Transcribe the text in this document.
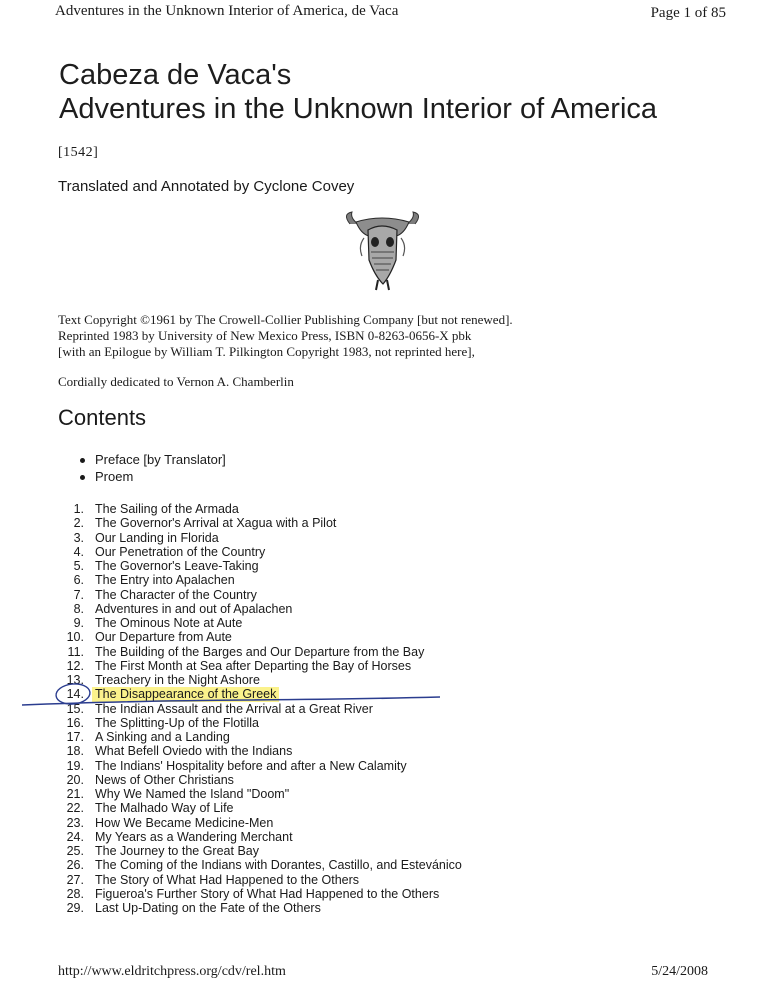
Adventures in the Unknown Interior of America, de Vaca	Page 1 of 85
Cabeza de Vaca's
Adventures in the Unknown Interior of America
[1542]
Translated and Annotated by Cyclone Covey
Text Copyright ©1961 by The Crowell-Collier Publishing Company [but not renewed].
Reprinted 1983 by University of New Mexico Press, ISBN 0-8263-0656-X pbk
[with an Epilogue by William T. Pilkington Copyright 1983, not reprinted here],
Cordially dedicated to Vernon A. Chamberlin
Contents
Preface [by Translator]
Proem
1. The Sailing of the Armada
2. The Governor's Arrival at Xagua with a Pilot
3. Our Landing in Florida
4. Our Penetration of the Country
5. The Governor's Leave-Taking
6. The Entry into Apalachen
7. The Character of the Country
8. Adventures in and out of Apalachen
9. The Ominous Note at Aute
10. Our Departure from Aute
11. The Building of the Barges and Our Departure from the Bay
12. The First Month at Sea after Departing the Bay of Horses
13. Treachery in the Night Ashore
14. The Disappearance of the Greek
15. The Indian Assault and the Arrival at a Great River
16. The Splitting-Up of the Flotilla
17. A Sinking and a Landing
18. What Befell Oviedo with the Indians
19. The Indians' Hospitality before and after a New Calamity
20. News of Other Christians
21. Why We Named the Island "Doom"
22. The Malhado Way of Life
23. How We Became Medicine-Men
24. My Years as a Wandering Merchant
25. The Journey to the Great Bay
26. The Coming of the Indians with Dorantes, Castillo, and Estevánico
27. The Story of What Had Happened to the Others
28. Figueroa's Further Story of What Had Happened to the Others
29. Last Up-Dating on the Fate of the Others
http://www.eldritchpress.org/cdv/rel.htm	5/24/2008
